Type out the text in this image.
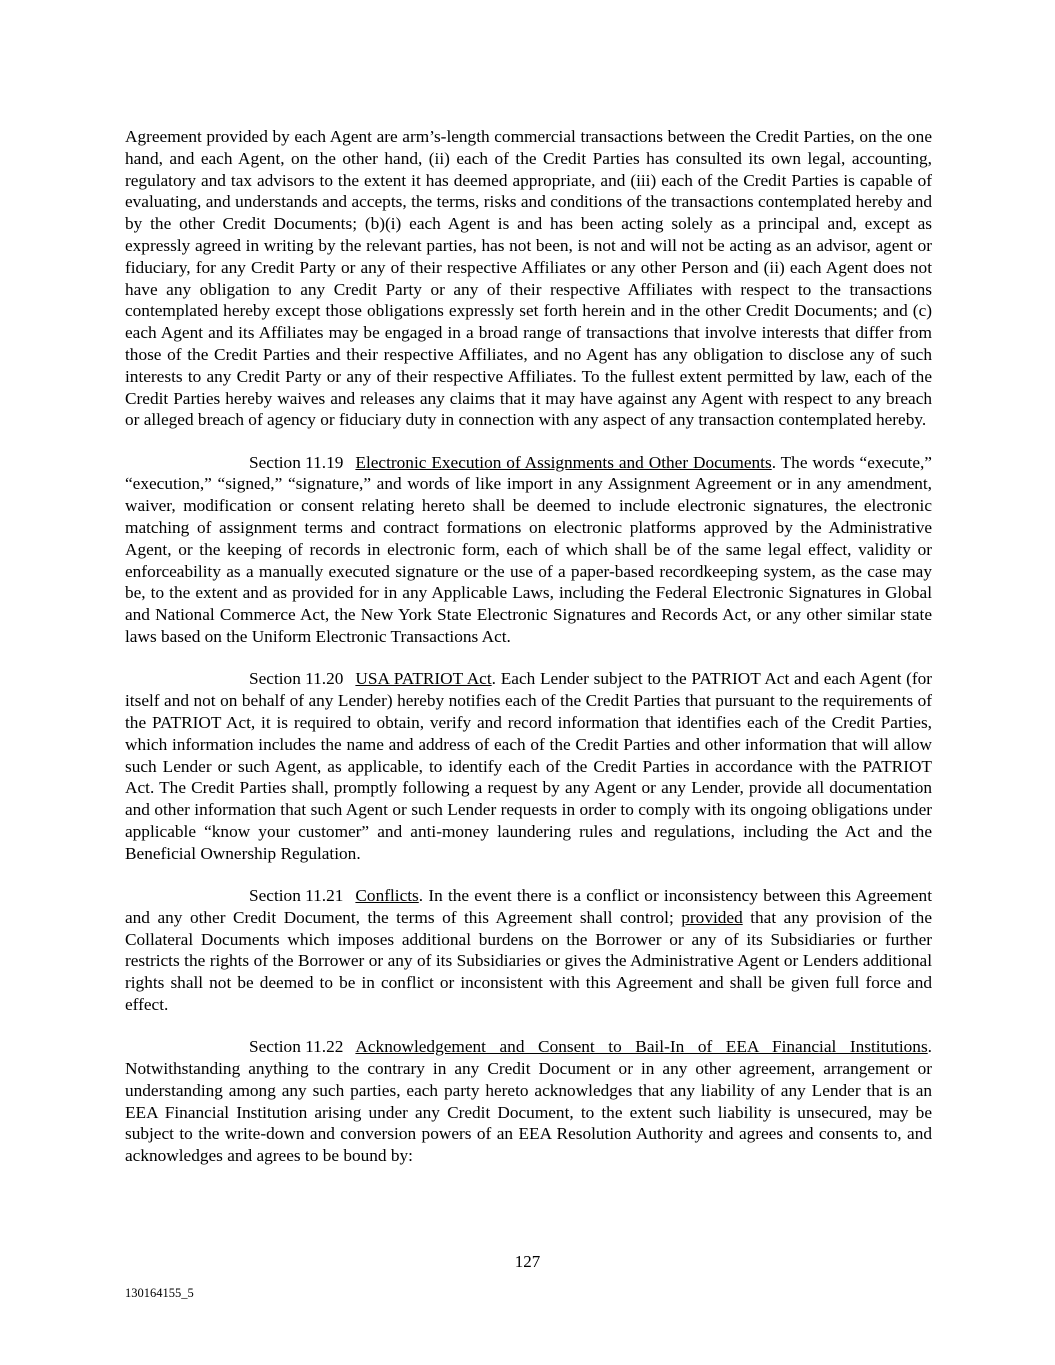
Agreement provided by each Agent are arm’s-length commercial transactions between the Credit Parties, on the one hand, and each Agent, on the other hand, (ii) each of the Credit Parties has consulted its own legal, accounting, regulatory and tax advisors to the extent it has deemed appropriate, and (iii) each of the Credit Parties is capable of evaluating, and understands and accepts, the terms, risks and conditions of the transactions contemplated hereby and by the other Credit Documents; (b)(i) each Agent is and has been acting solely as a principal and, except as expressly agreed in writing by the relevant parties, has not been, is not and will not be acting as an advisor, agent or fiduciary, for any Credit Party or any of their respective Affiliates or any other Person and (ii) each Agent does not have any obligation to any Credit Party or any of their respective Affiliates with respect to the transactions contemplated hereby except those obligations expressly set forth herein and in the other Credit Documents; and (c) each Agent and its Affiliates may be engaged in a broad range of transactions that involve interests that differ from those of the Credit Parties and their respective Affiliates, and no Agent has any obligation to disclose any of such interests to any Credit Party or any of their respective Affiliates. To the fullest extent permitted by law, each of the Credit Parties hereby waives and releases any claims that it may have against any Agent with respect to any breach or alleged breach of agency or fiduciary duty in connection with any aspect of any transaction contemplated hereby.

Section 11.19 Electronic Execution of Assignments and Other Documents. The words “execute,” “execution,” “signed,” “signature,” and words of like import in any Assignment Agreement or in any amendment, waiver, modification or consent relating hereto shall be deemed to include electronic signatures, the electronic matching of assignment terms and contract formations on electronic platforms approved by the Administrative Agent, or the keeping of records in electronic form, each of which shall be of the same legal effect, validity or enforceability as a manually executed signature or the use of a paper-based recordkeeping system, as the case may be, to the extent and as provided for in any Applicable Laws, including the Federal Electronic Signatures in Global and National Commerce Act, the New York State Electronic Signatures and Records Act, or any other similar state laws based on the Uniform Electronic Transactions Act.

Section 11.20 USA PATRIOT Act. Each Lender subject to the PATRIOT Act and each Agent (for itself and not on behalf of any Lender) hereby notifies each of the Credit Parties that pursuant to the requirements of the PATRIOT Act, it is required to obtain, verify and record information that identifies each of the Credit Parties, which information includes the name and address of each of the Credit Parties and other information that will allow such Lender or such Agent, as applicable, to identify each of the Credit Parties in accordance with the PATRIOT Act. The Credit Parties shall, promptly following a request by any Agent or any Lender, provide all documentation and other information that such Agent or such Lender requests in order to comply with its ongoing obligations under applicable “know your customer” and anti-money laundering rules and regulations, including the Act and the Beneficial Ownership Regulation.

Section 11.21 Conflicts. In the event there is a conflict or inconsistency between this Agreement and any other Credit Document, the terms of this Agreement shall control; provided that any provision of the Collateral Documents which imposes additional burdens on the Borrower or any of its Subsidiaries or further restricts the rights of the Borrower or any of its Subsidiaries or gives the Administrative Agent or Lenders additional rights shall not be deemed to be in conflict or inconsistent with this Agreement and shall be given full force and effect.

Section 11.22 Acknowledgement and Consent to Bail-In of EEA Financial Institutions. Notwithstanding anything to the contrary in any Credit Document or in any other agreement, arrangement or understanding among any such parties, each party hereto acknowledges that any liability of any Lender that is an EEA Financial Institution arising under any Credit Document, to the extent such liability is unsecured, may be subject to the write-down and conversion powers of an EEA Resolution Authority and agrees and consents to, and acknowledges and agrees to be bound by:

127
130164155_5
